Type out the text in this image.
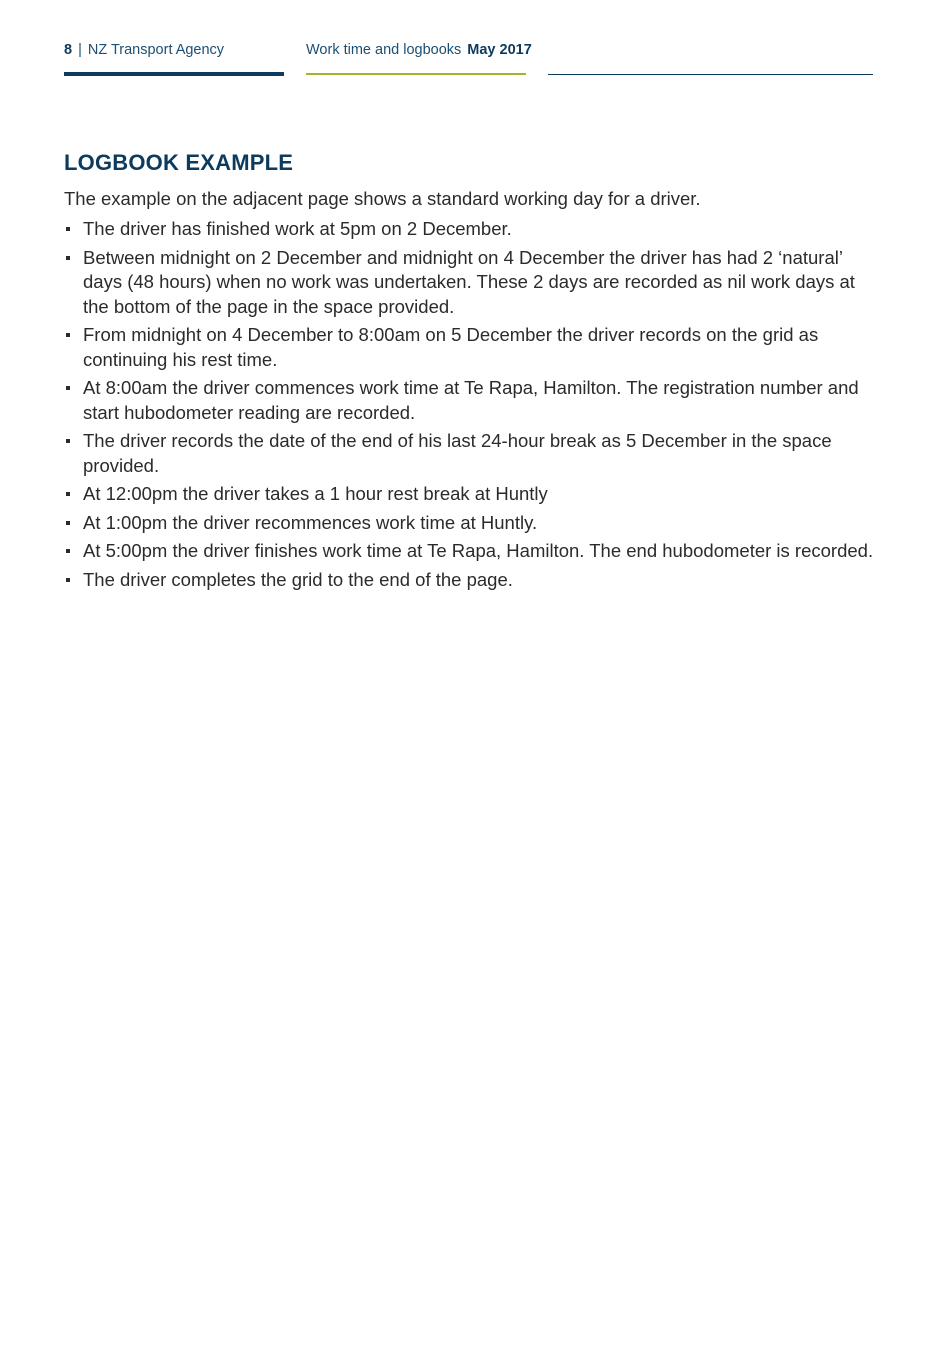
8 | NZ Transport Agency	Work time and logbooks May 2017
LOGBOOK EXAMPLE

The example on the adjacent page shows a standard working day for a driver.

The driver has finished work at 5pm on 2 December.
Between midnight on 2 December and midnight on 4 December the driver has had 2 ‘natural’ days (48 hours) when no work was undertaken. These 2 days are recorded as nil work days at the bottom of the page in the space provided.
From midnight on 4 December to 8:00am on 5 December the driver records on the grid as continuing his rest time.
At 8:00am the driver commences work time at Te Rapa, Hamilton. The registration number and start hubodometer reading are recorded.
The driver records the date of the end of his last 24-hour break as 5 December in the space provided.
At 12:00pm the driver takes a 1 hour rest break at Huntly
At 1:00pm the driver recommences work time at Huntly.
At 5:00pm the driver finishes work time at Te Rapa, Hamilton. The end hubodometer is recorded.
The driver completes the grid to the end of the page.
